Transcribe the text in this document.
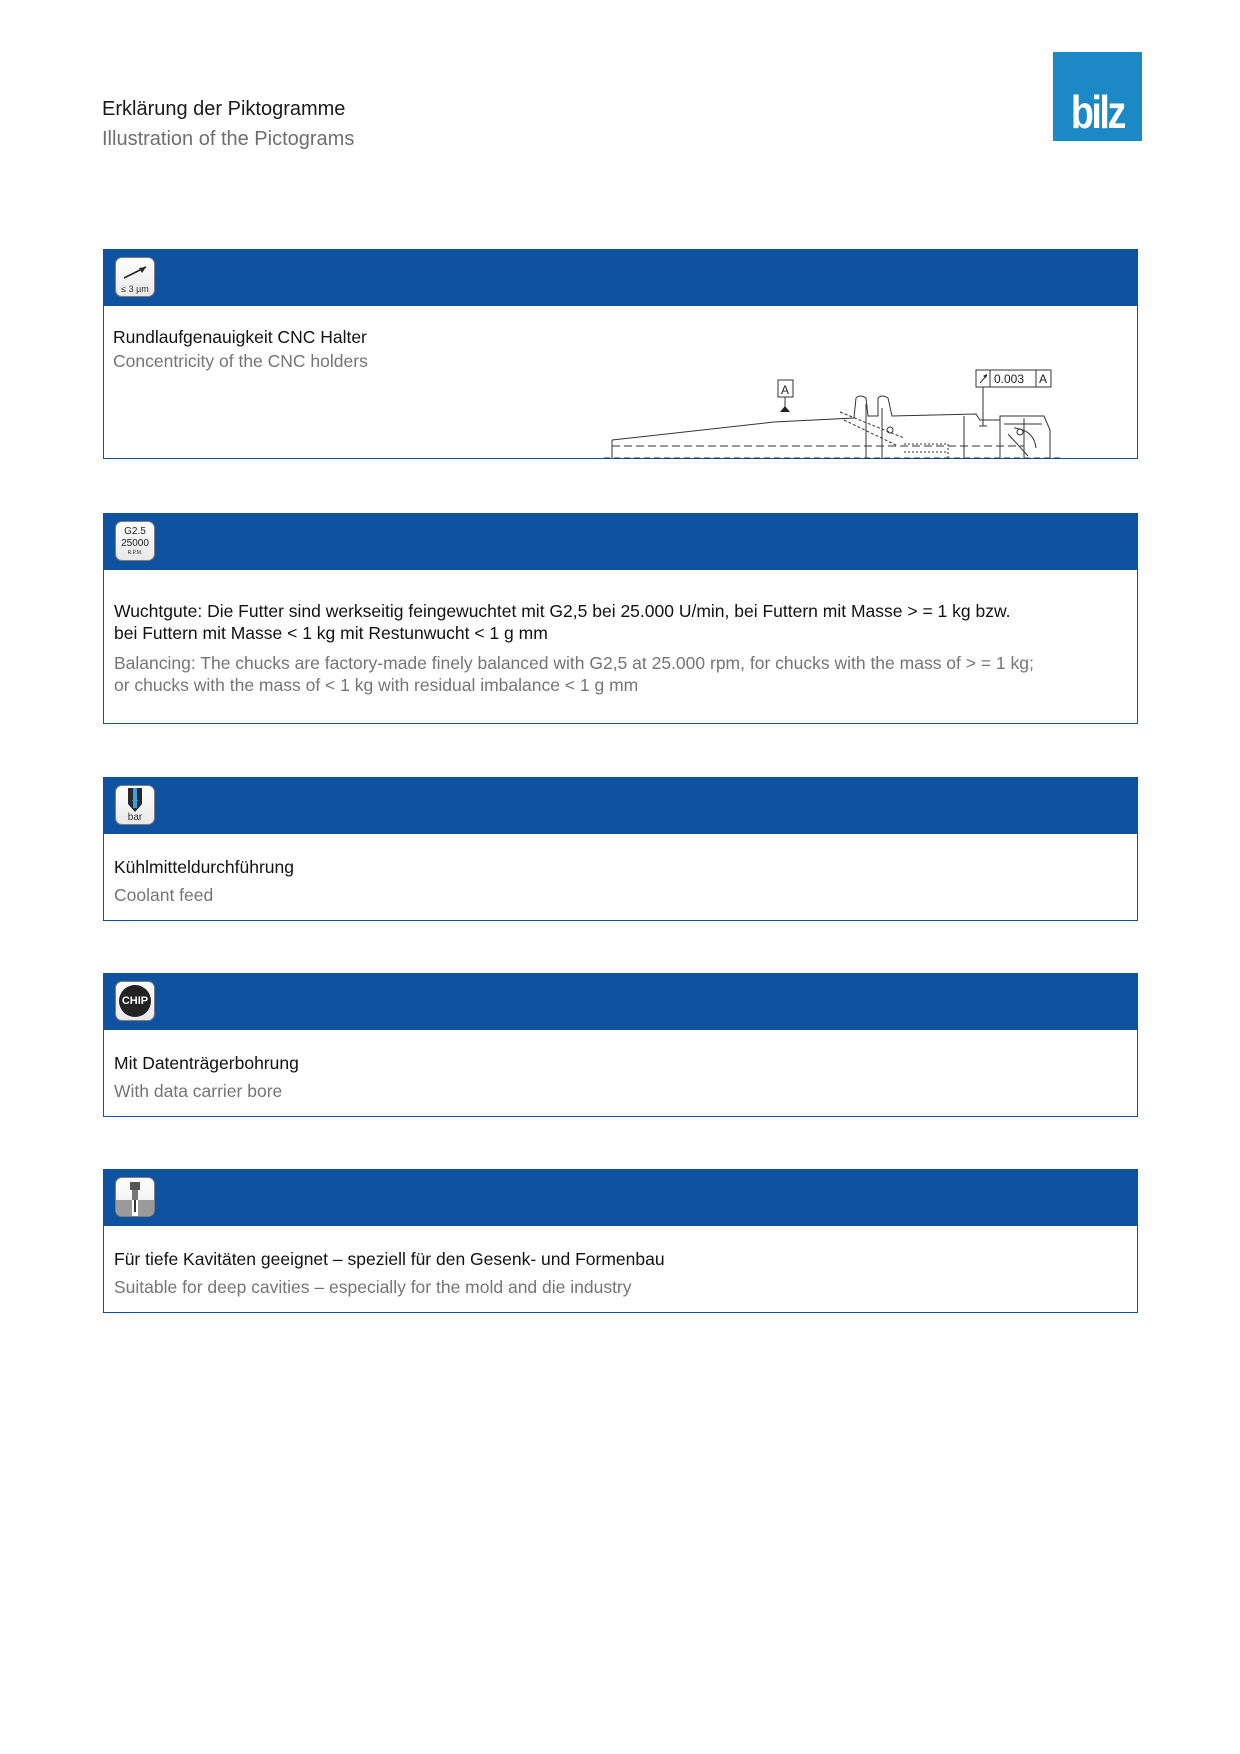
Erklärung der Piktogramme
Illustration of the Pictograms
bilz
≤ 3 µm
Rundlaufgenauigkeit CNC Halter
Concentricity of the CNC holders
A
0.003 A
G2.5
25000
R.P.M.
Wuchtgute: Die Futter sind werkseitig feingewuchtet mit G2,5 bei 25.000 U/min, bei Futtern mit Masse > = 1 kg bzw.
bei Futtern mit Masse < 1 kg mit Restunwucht < 1 g mm
Balancing: The chucks are factory-made finely balanced with G2,5 at 25.000 rpm, for chucks with the mass of > = 1 kg;
or chucks with the mass of < 1 kg with residual imbalance < 1 g mm
bar
Kühlmitteldurchführung
Coolant feed
CHIP
Mit Datenträgerbohrung
With data carrier bore
Für tiefe Kavitäten geeignet – speziell für den Gesenk- und Formenbau
Suitable for deep cavities – especially for the mold and die industry
